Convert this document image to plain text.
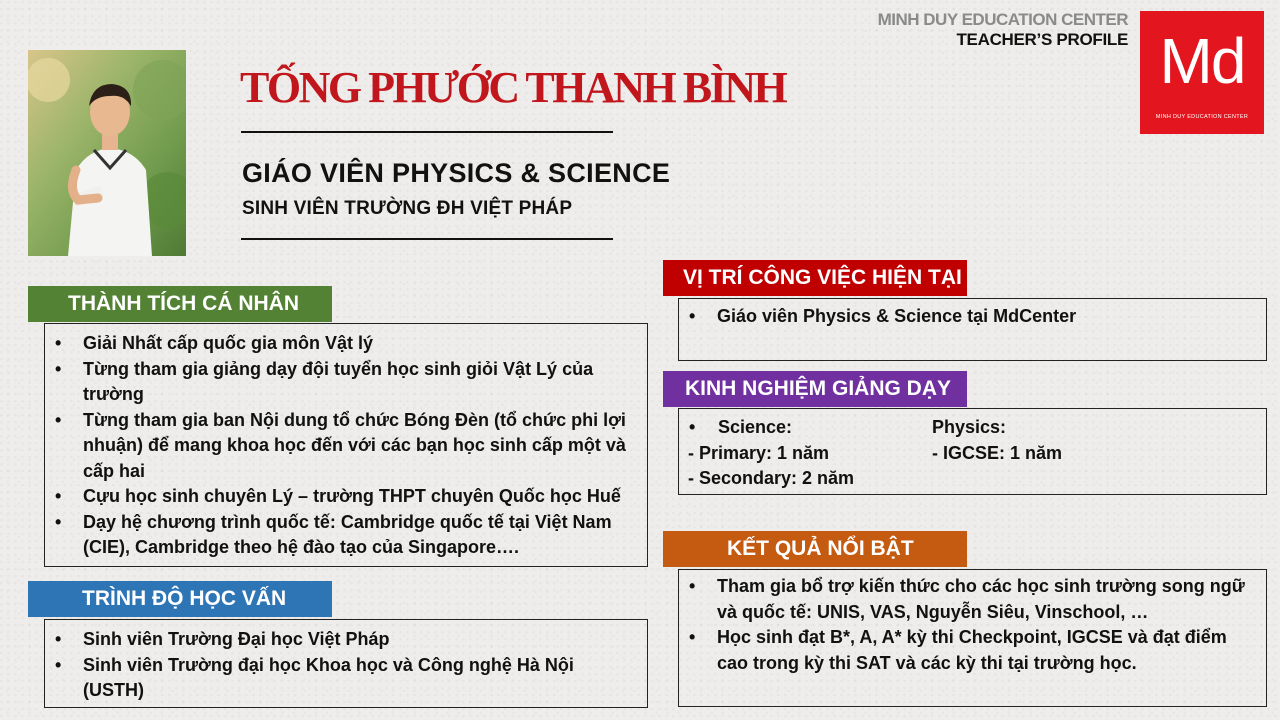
MINH DUY EDUCATION CENTER
TEACHER’S PROFILE Md
MINH DUY EDUCATION CENTER
TỐNG PHƯỚC THANH BÌNH
GIÁO VIÊN PHYSICS & SCIENCE
SINH VIÊN TRƯỜNG ĐH VIỆT PHÁP
THÀNH TÍCH CÁ NHÂN
• Giải Nhất cấp quốc gia môn Vật lý
• Từng tham gia giảng dạy đội tuyển học sinh giỏi Vật Lý của trường
• Từng tham gia ban Nội dung tổ chức Bóng Đèn (tổ chức phi lợi nhuận) để mang khoa học đến với các bạn học sinh cấp một và cấp hai
• Cựu học sinh chuyên Lý – trường THPT chuyên Quốc học Huế
• Dạy hệ chương trình quốc tế: Cambridge quốc tế tại Việt Nam (CIE), Cambridge theo hệ đào tạo của Singapore….
TRÌNH ĐỘ HỌC VẤN
• Sinh viên Trường Đại học Việt Pháp
• Sinh viên Trường đại học Khoa học và Công nghệ Hà Nội (USTH)
VỊ TRÍ CÔNG VIỆC HIỆN TẠI
• Giáo viên Physics & Science tại MdCenter
KINH NGHIỆM GIẢNG DẠY
• Science:
- Primary: 1 năm
- Secondary: 2 năm
Physics:
- IGCSE: 1 năm
KẾT QUẢ NỔI BẬT
• Tham gia bổ trợ kiến thức cho các học sinh trường song ngữ và quốc tế: UNIS, VAS, Nguyễn Siêu, Vinschool, …
• Học sinh đạt B*, A, A* kỳ thi Checkpoint, IGCSE và đạt điểm cao trong kỳ thi SAT và các kỳ thi tại trường học.
